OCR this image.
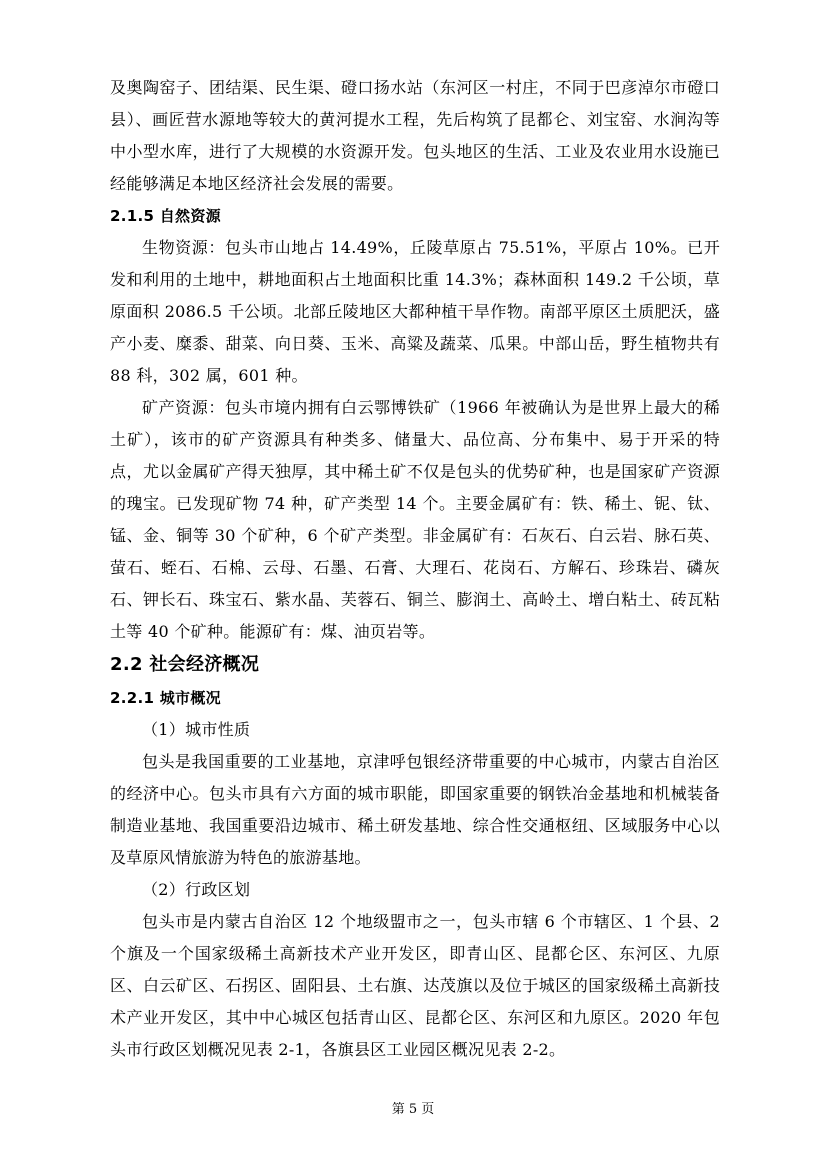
及奥陶窑子、团结渠、民生渠、磴口扬水站（东河区一村庄，不同于巴彦淖尔市磴口县）、画匠营水源地等较大的黄河提水工程，先后构筑了昆都仑、刘宝窑、水涧沟等中小型水库，进行了大规模的水资源开发。包头地区的生活、工业及农业用水设施已经能够满足本地区经济社会发展的需要。

2.1.5 自然资源

生物资源：包头市山地占 14.49%，丘陵草原占 75.51%，平原占 10%。已开发和利用的土地中，耕地面积占土地面积比重 14.3%；森林面积 149.2 千公顷，草原面积 2086.5 千公顷。北部丘陵地区大都种植干旱作物。南部平原区土质肥沃，盛产小麦、糜黍、甜菜、向日葵、玉米、高粱及蔬菜、瓜果。中部山岳，野生植物共有 88 科，302 属，601 种。

矿产资源：包头市境内拥有白云鄂博铁矿（1966 年被确认为是世界上最大的稀土矿），该市的矿产资源具有种类多、储量大、品位高、分布集中、易于开采的特点，尤以金属矿产得天独厚，其中稀土矿不仅是包头的优势矿种，也是国家矿产资源的瑰宝。已发现矿物 74 种，矿产类型 14 个。主要金属矿有：铁、稀土、铌、钛、锰、金、铜等 30 个矿种，6 个矿产类型。非金属矿有：石灰石、白云岩、脉石英、萤石、蛭石、石棉、云母、石墨、石膏、大理石、花岗石、方解石、珍珠岩、磷灰石、钾长石、珠宝石、紫水晶、芙蓉石、铜兰、膨润土、高岭土、增白粘土、砖瓦粘土等 40 个矿种。能源矿有：煤、油页岩等。

2.2 社会经济概况

2.2.1 城市概况

（1）城市性质

包头是我国重要的工业基地，京津呼包银经济带重要的中心城市，内蒙古自治区的经济中心。包头市具有六方面的城市职能，即国家重要的钢铁冶金基地和机械装备制造业基地、我国重要沿边城市、稀土研发基地、综合性交通枢纽、区域服务中心以及草原风情旅游为特色的旅游基地。

（2）行政区划

包头市是内蒙古自治区 12 个地级盟市之一，包头市辖 6 个市辖区、1 个县、2 个旗及一个国家级稀土高新技术产业开发区，即青山区、昆都仑区、东河区、九原区、白云矿区、石拐区、固阳县、土右旗、达茂旗以及位于城区的国家级稀土高新技术产业开发区，其中中心城区包括青山区、昆都仑区、东河区和九原区。2020 年包头市行政区划概况见表 2-1，各旗县区工业园区概况见表 2-2。

第 5 页
